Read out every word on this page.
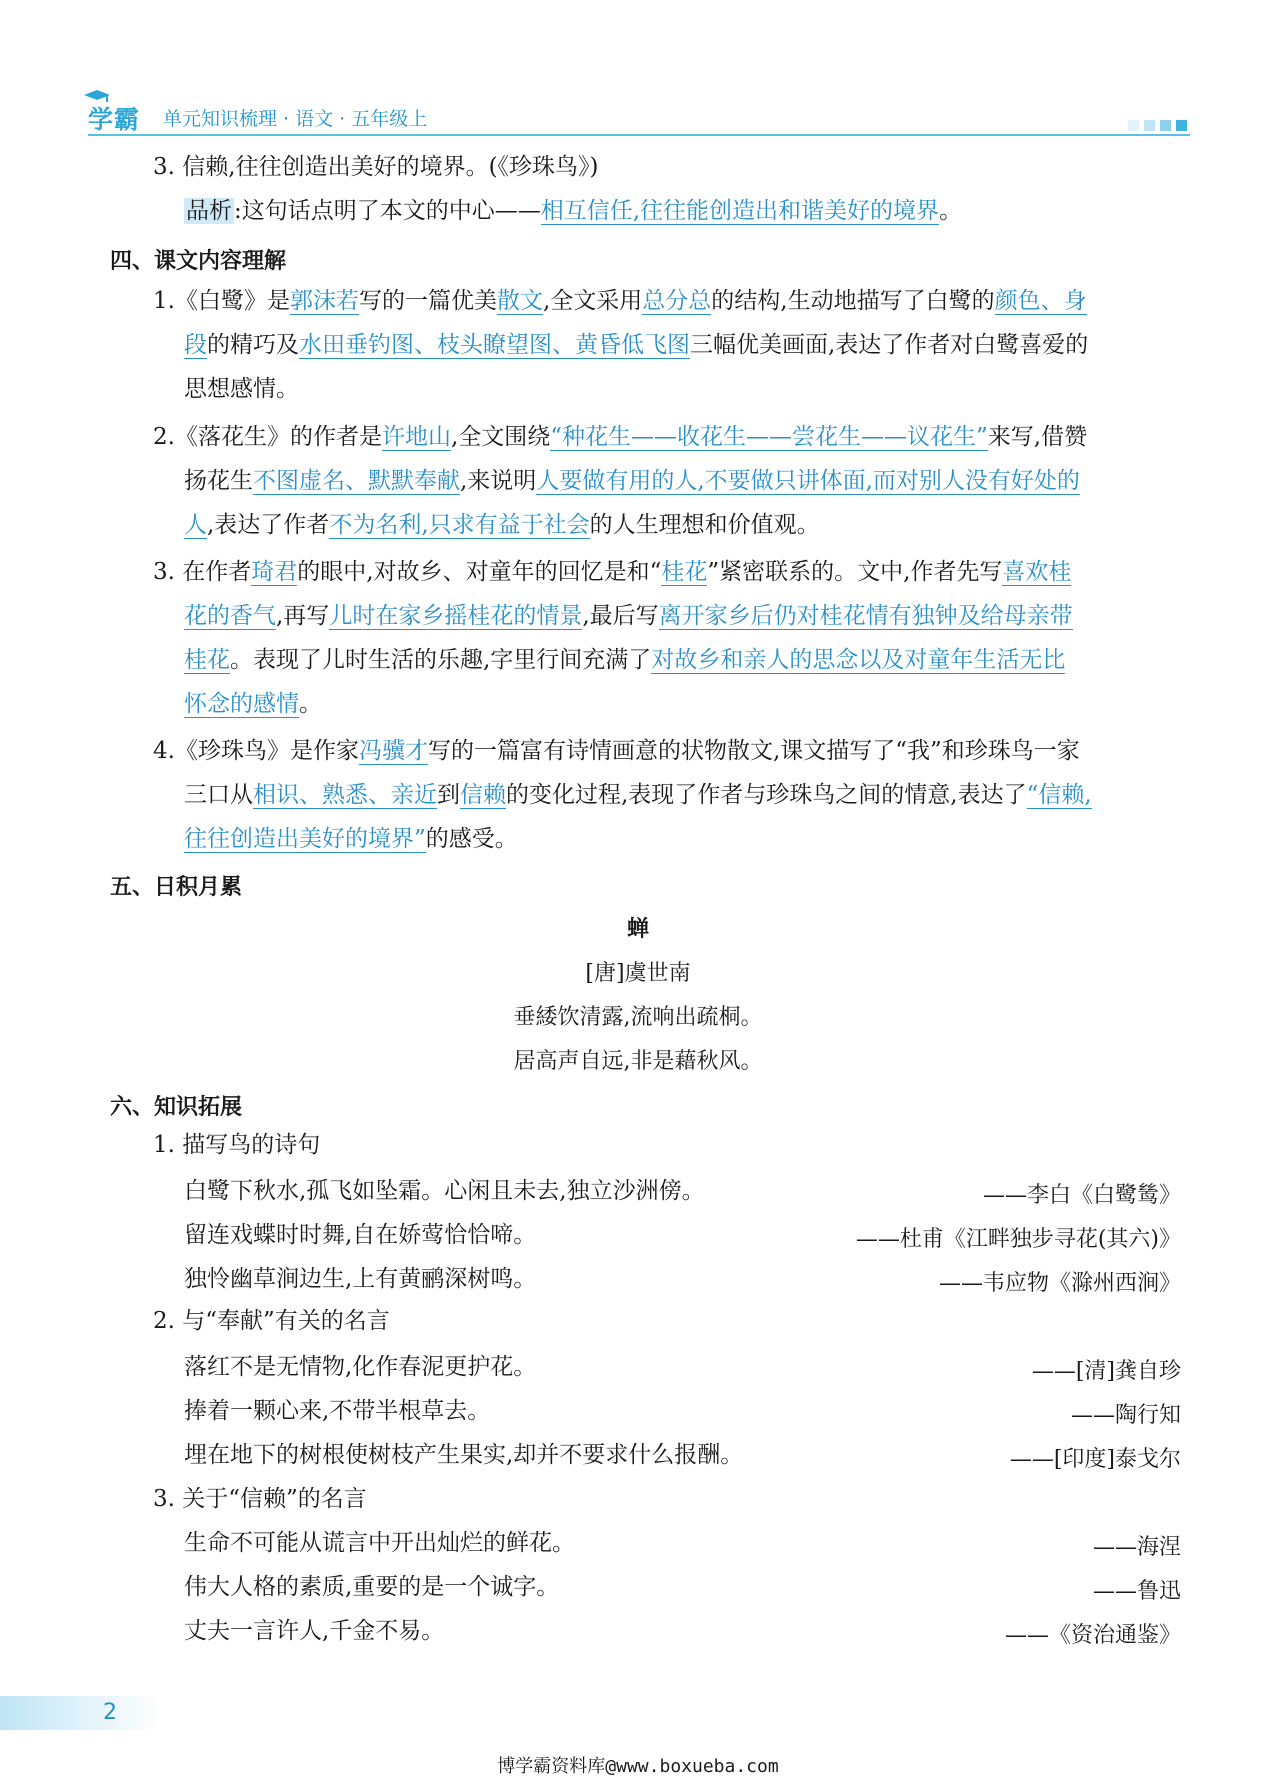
学霸 单元知识梳理 · 语文 · 五年级上
3. 信赖,往往创造出美好的境界。(《珍珠鸟》)
品析:这句话点明了本文的中心——相互信任,往往能创造出和谐美好的境界。
四、课文内容理解
1.《白鹭》是郭沫若写的一篇优美散文,全文采用总分总的结构,生动地描写了白鹭的颜色、身
段的精巧及水田垂钓图、枝头瞭望图、黄昏低飞图三幅优美画面,表达了作者对白鹭喜爱的
思想感情。
2.《落花生》的作者是许地山,全文围绕“种花生——收花生——尝花生——议花生”来写,借赞
扬花生不图虚名、默默奉献,来说明人要做有用的人,不要做只讲体面,而对别人没有好处的
人,表达了作者不为名利,只求有益于社会的人生理想和价值观。
3. 在作者琦君的眼中,对故乡、对童年的回忆是和“桂花”紧密联系的。文中,作者先写喜欢桂
花的香气,再写儿时在家乡摇桂花的情景,最后写离开家乡后仍对桂花情有独钟及给母亲带
桂花。表现了儿时生活的乐趣,字里行间充满了对故乡和亲人的思念以及对童年生活无比
怀念的感情。
4.《珍珠鸟》是作家冯骥才写的一篇富有诗情画意的状物散文,课文描写了“我”和珍珠鸟一家
三口从相识、熟悉、亲近到信赖的变化过程,表现了作者与珍珠鸟之间的情意,表达了“信赖,
往往创造出美好的境界”的感受。
五、日积月累
蝉
[唐]虞世南
垂緌饮清露,流响出疏桐。
居高声自远,非是藉秋风。
六、知识拓展
1. 描写鸟的诗句
白鹭下秋水,孤飞如坠霜。心闲且未去,独立沙洲傍。	——李白《白鹭鸶》
留连戏蝶时时舞,自在娇莺恰恰啼。	——杜甫《江畔独步寻花(其六)》
独怜幽草涧边生,上有黄鹂深树鸣。	——韦应物《滁州西涧》
2. 与“奉献”有关的名言
落红不是无情物,化作春泥更护花。	——[清]龚自珍
捧着一颗心来,不带半根草去。	——陶行知
埋在地下的树根使树枝产生果实,却并不要求什么报酬。	——[印度]泰戈尔
3. 关于“信赖”的名言
生命不可能从谎言中开出灿烂的鲜花。	——海涅
伟大人格的素质,重要的是一个诚字。	——鲁迅
丈夫一言许人,千金不易。	——《资治通鉴》
2
博学霸资料库@www.boxueba.com
